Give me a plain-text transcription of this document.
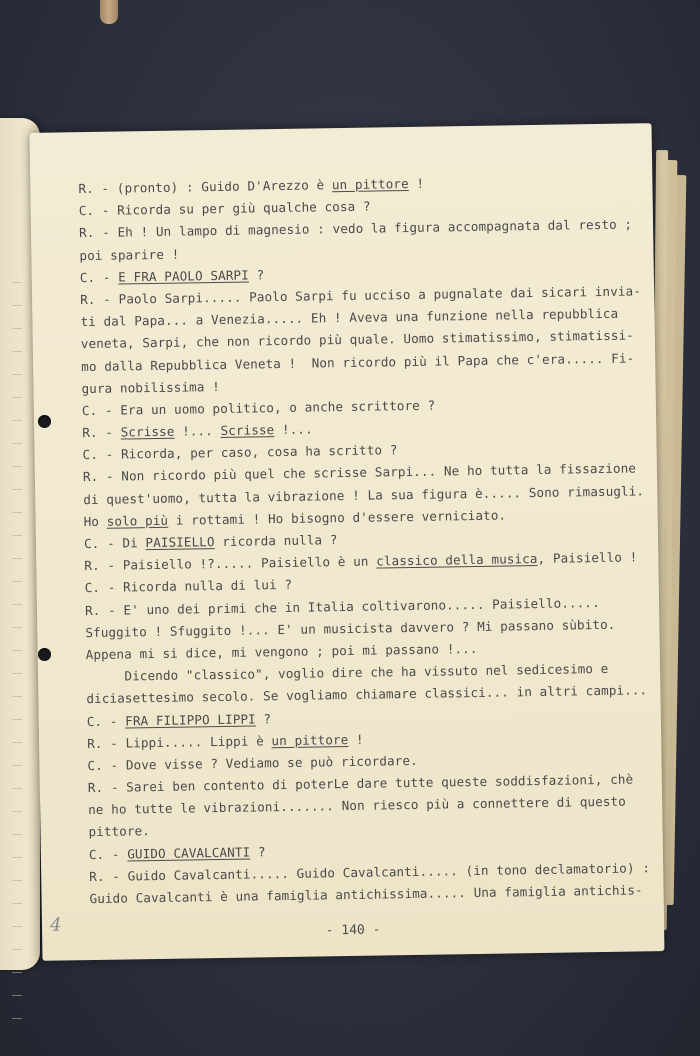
R. - (pronto) : Guido D'Arezzo è un pittore !
C. - Ricorda su per giù qualche cosa ?
R. - Eh ! Un lampo di magnesio : vedo la figura accompagnata dal resto ;
poi sparire !
C. - E FRA PAOLO SARPI ?
R. - Paolo Sarpi..... Paolo Sarpi fu ucciso a pugnalate dai sicari invia-
ti dal Papa... a Venezia..... Eh ! Aveva una funzione nella repubblica
veneta, Sarpi, che non ricordo più quale. Uomo stimatissimo, stimatissi-
mo dalla Repubblica Veneta !  Non ricordo più il Papa che c'era..... Fi-
gura nobilissima !
C. - Era un uomo politico, o anche scrittore ?
R. - Scrisse !... Scrisse !...
C. - Ricorda, per caso, cosa ha scritto ?
R. - Non ricordo più quel che scrisse Sarpi... Ne ho tutta la fissazione
di quest'uomo, tutta la vibrazione ! La sua figura è..... Sono rimasugli.
Ho solo più i rottami ! Ho bisogno d'essere verniciato.
C. - Di PAISIELLO ricorda nulla ?
R. - Paisiello !?..... Paisiello è un classico della musica, Paisiello !
C. - Ricorda nulla di lui ?
R. - E' uno dei primi che in Italia coltivarono..... Paisiello.....
Sfuggito ! Sfuggito !... E' un musicista davvero ? Mi passano sùbito.
Appena mi si dice, mi vengono ; poi mi passano !...
Dicendo "classico", voglio dire che ha vissuto nel sedicesimo e
diciasettesimo secolo. Se vogliamo chiamare classici... in altri campi...
C. - FRA FILIPPO LIPPI ?
R. - Lippi..... Lippi è un pittore !
C. - Dove visse ? Vediamo se può ricordare.
R. - Sarei ben contento di poterLe dare tutte queste soddisfazioni, chè
ne ho tutte le vibrazioni....... Non riesco più a connettere di questo
pittore.
C. - GUIDO CAVALCANTI ?
R. - Guido Cavalcanti..... Guido Cavalcanti..... (in tono declamatorio) :
Guido Cavalcanti è una famiglia antichissima..... Una famiglia antichis-
4	- 140 -
